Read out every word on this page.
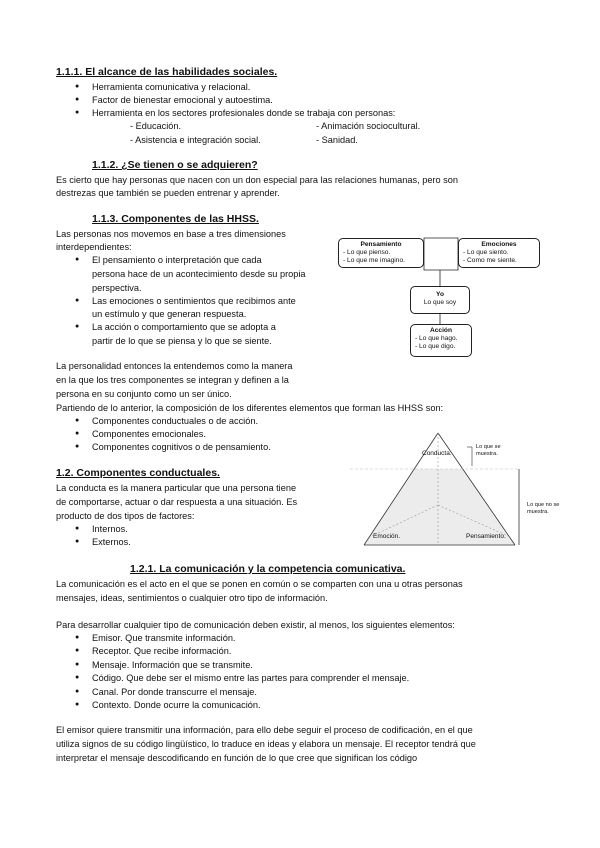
1.1.1. El alcance de las habilidades sociales.
● Herramienta comunicativa y relacional.
● Factor de bienestar emocional y autoestima.
● Herramienta en los sectores profesionales donde se trabaja con personas:
- Educación.
- Asistencia e integración social.
- Animación sociocultural.
- Sanidad.
1.1.2. ¿Se tienen o se adquieren?
Es cierto que hay personas que nacen con un don especial para las relaciones humanas, pero son
destrezas que también se pueden entrenar y aprender.
1.1.3. Componentes de las HHSS.
Las personas nos movemos en base a tres dimensiones
interdependientes:
● El pensamiento o interpretación que cada
persona hace de un acontecimiento desde su propia
perspectiva.
● Las emociones o sentimientos que recibimos ante
un estímulo y que generan respuesta.
● La acción o comportamiento que se adopta a
partir de lo que se piensa y lo que se siente.
La personalidad entonces la entendemos como la manera
en la que los tres componentes se integran y definen a la
persona en su conjunto como un ser único.
Partiendo de lo anterior, la composición de los diferentes elementos que forman las HHSS son:
● Componentes conductuales o de acción.
● Componentes emocionales.
● Componentes cognitivos o de pensamiento.
Pensamiento
- Lo que pienso.
- Lo que me imagino.
Emociones
- Lo que siento.
- Como me siente.
Yo
Lo que soy
Acción
- Lo que hago.
- Lo que digo.
Conducta.
Emoción.	Pensamiento.
Lo que se
muestra.
Lo que no se
muestra.
1.2. Componentes conductuales.
La conducta es la manera particular que una persona tiene
de comportarse, actuar o dar respuesta a una situación. Es
producto de dos tipos de factores:
● Internos.
● Externos.
1.2.1. La comunicación y la competencia comunicativa.
La comunicación es el acto en el que se ponen en común o se comparten con una u otras personas
mensajes, ideas, sentimientos o cualquier otro tipo de información.
Para desarrollar cualquier tipo de comunicación deben existir, al menos, los siguientes elementos:
● Emisor. Que transmite información.
● Receptor. Que recibe información.
● Mensaje. Información que se transmite.
● Código. Que debe ser el mismo entre las partes para comprender el mensaje.
● Canal. Por donde transcurre el mensaje.
● Contexto. Donde ocurre la comunicación.
El emisor quiere transmitir una información, para ello debe seguir el proceso de codificación, en el que
utiliza signos de su código lingüístico, lo traduce en ideas y elabora un mensaje. El receptor tendrá que
interpretar el mensaje descodificando en función de lo que cree que significan los código
